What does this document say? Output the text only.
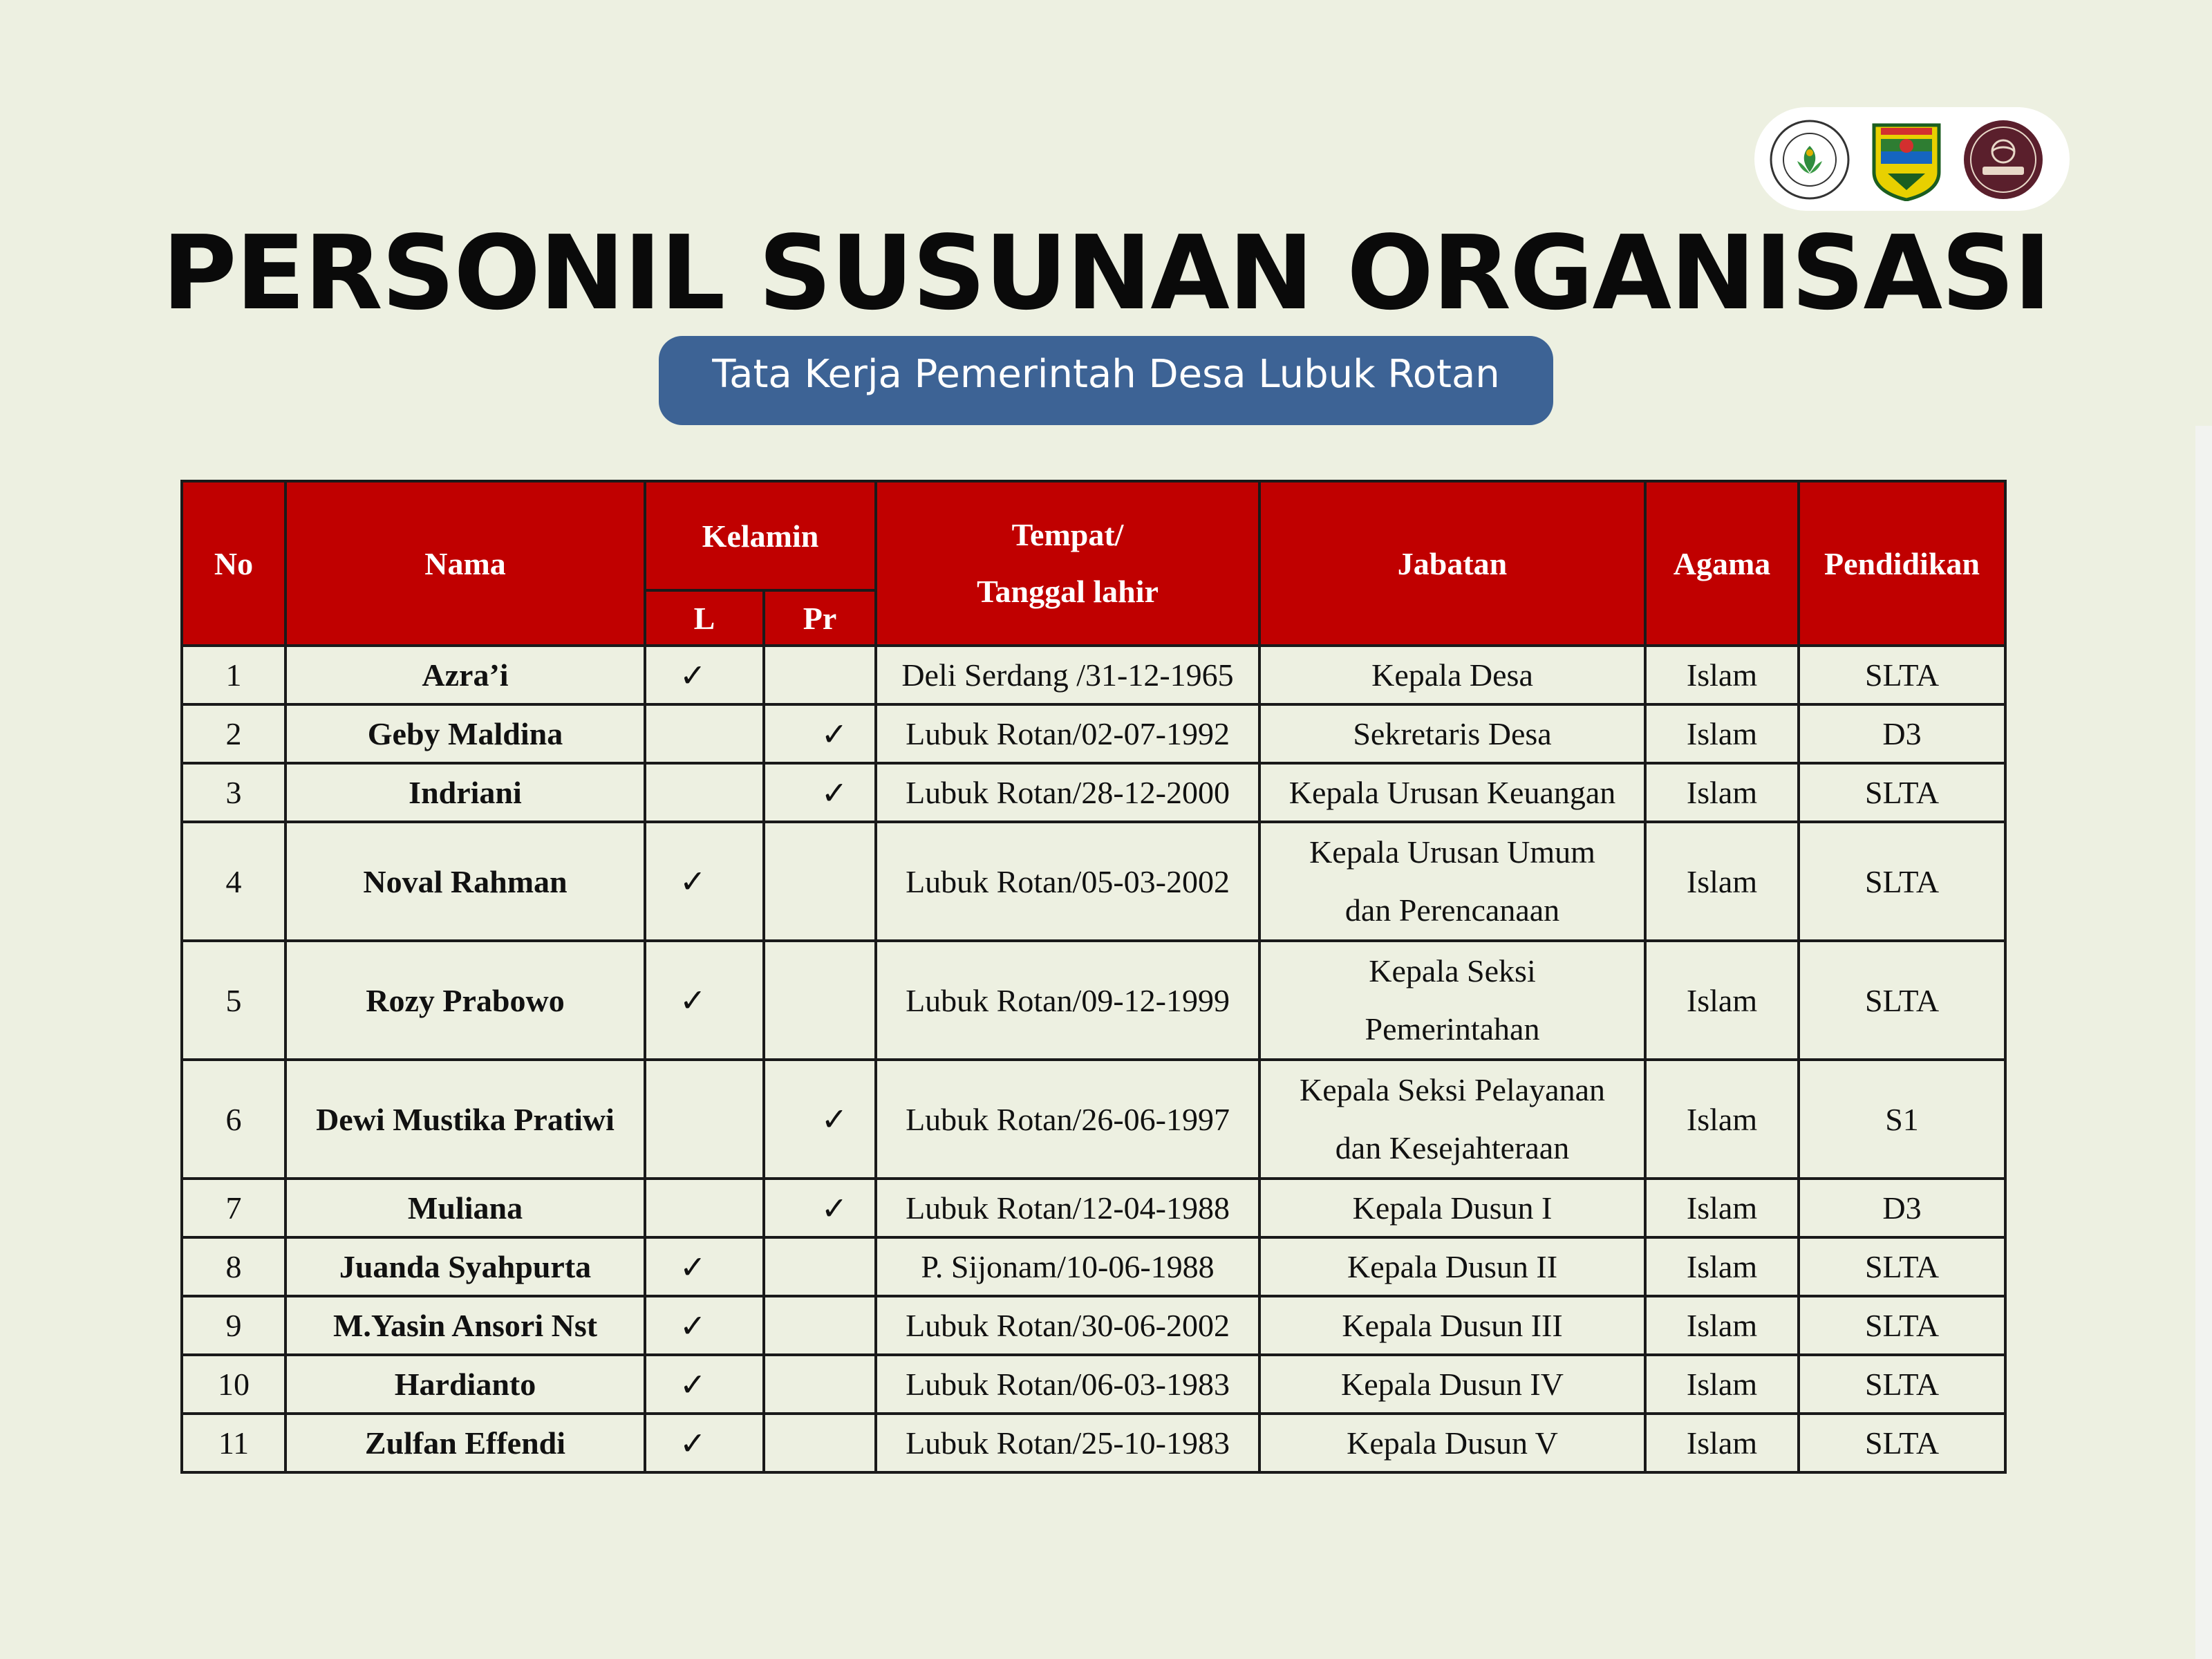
PERSONIL SUSUNAN ORGANISASI
Tata Kerja Pemerintah Desa Lubuk Rotan
No	Nama	Kelamin		Tempat/
Tanggal lahir	Jabatan	Agama	Pendidikan
		L	Pr				
1	Azra’i	✓		Deli Serdang /31-12-1965	Kepala Desa	Islam	SLTA
2	Geby Maldina		✓	Lubuk Rotan/02-07-1992	Sekretaris Desa	Islam	D3
3	Indriani		✓	Lubuk Rotan/28-12-2000	Kepala Urusan Keuangan	Islam	SLTA
4	Noval Rahman	✓		Lubuk Rotan/05-03-2002	Kepala Urusan Umum
dan Perencanaan	Islam	SLTA
5	Rozy Prabowo	✓		Lubuk Rotan/09-12-1999	Kepala Seksi
Pemerintahan	Islam	SLTA
6	Dewi Mustika Pratiwi		✓	Lubuk Rotan/26-06-1997	Kepala Seksi Pelayanan
dan Kesejahteraan	Islam	S1
7	Muliana		✓	Lubuk Rotan/12-04-1988	Kepala Dusun I	Islam	D3
8	Juanda Syahpurta	✓		P. Sijonam/10-06-1988	Kepala Dusun II	Islam	SLTA
9	M.Yasin Ansori Nst	✓		Lubuk Rotan/30-06-2002	Kepala Dusun III	Islam	SLTA
10	Hardianto	✓		Lubuk Rotan/06-03-1983	Kepala Dusun IV	Islam	SLTA
11	Zulfan Effendi	✓		Lubuk Rotan/25-10-1983	Kepala Dusun V	Islam	SLTA
